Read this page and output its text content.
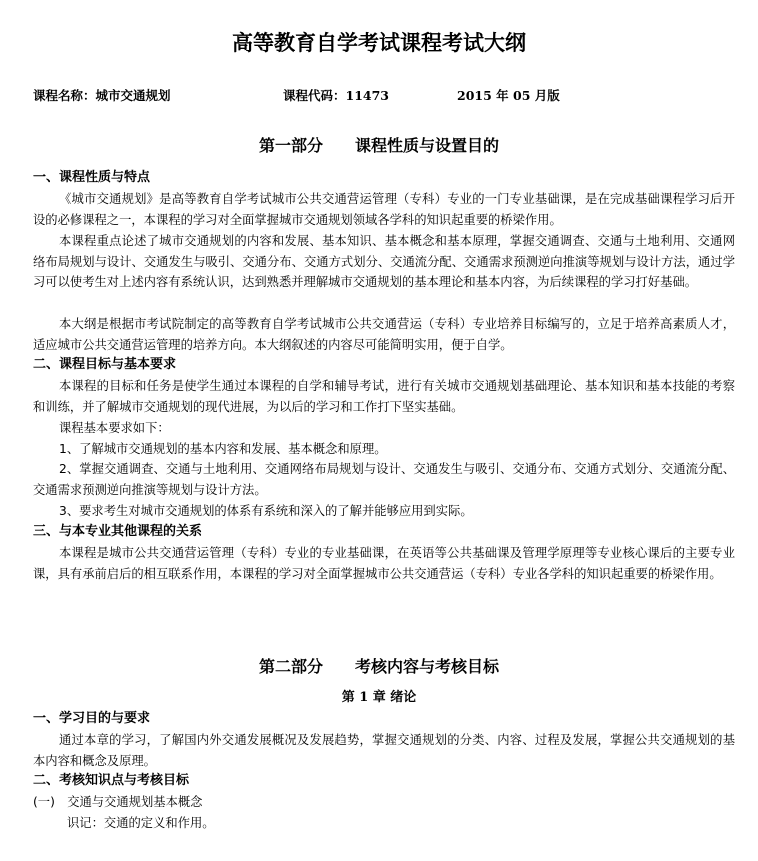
高等教育自学考试课程考试大纲
课程名称：城市交通规划	课程代码：11473	2015 年 05 月版
第一部分　　课程性质与设置目的
一、课程性质与特点

《城市交通规划》是高等教育自学考试城市公共交通营运管理（专科）专业的一门专业基础课，是在完成基础课程学习后开设的必修课程之一，本课程的学习对全面掌握城市交通规划领域各学科的知识起重要的桥梁作用。

本课程重点论述了城市交通规划的内容和发展、基本知识、基本概念和基本原理，掌握交通调查、交通与土地利用、交通网络布局规划与设计、交通发生与吸引、交通分布、交通方式划分、交通流分配、交通需求预测逆向推演等规划与设计方法，通过学习可以使考生对上述内容有系统认识，达到熟悉并理解城市交通规划的基本理论和基本内容，为后续课程的学习打好基础。

本大纲是根据市考试院制定的高等教育自学考试城市公共交通营运（专科）专业培养目标编写的，立足于培养高素质人才，适应城市公共交通营运管理的培养方向。本大纲叙述的内容尽可能简明实用，便于自学。

二、课程目标与基本要求

本课程的目标和任务是使学生通过本课程的自学和辅导考试，进行有关城市交通规划基础理论、基本知识和基本技能的考察和训练，并了解城市交通规划的现代进展，为以后的学习和工作打下坚实基础。

课程基本要求如下：
1、了解城市交通规划的基本内容和发展、基本概念和原理。

2、掌握交通调查、交通与土地利用、交通网络布局规划与设计、交通发生与吸引、交通分布、交通方式划分、交通流分配、交通需求预测逆向推演等规划与设计方法。

3、要求考生对城市交通规划的体系有系统和深入的了解并能够应用到实际。
三、与本专业其他课程的关系

本课程是城市公共交通营运管理（专科）专业的专业基础课，在英语等公共基础课及管理学原理等专业核心课后的主要专业课，具有承前启后的相互联系作用，本课程的学习对全面掌握城市公共交通营运（专科）专业各学科的知识起重要的桥梁作用。

第二部分　　考核内容与考核目标
第 1 章 绪论
一、学习目的与要求

通过本章的学习，了解国内外交通发展概况及发展趋势，掌握交通规划的分类、内容、过程及发展，掌握公共交通规划的基本内容和概念及原理。

二、考核知识点与考核目标
(一)　交通与交通规划基本概念
识记：交通的定义和作用。
